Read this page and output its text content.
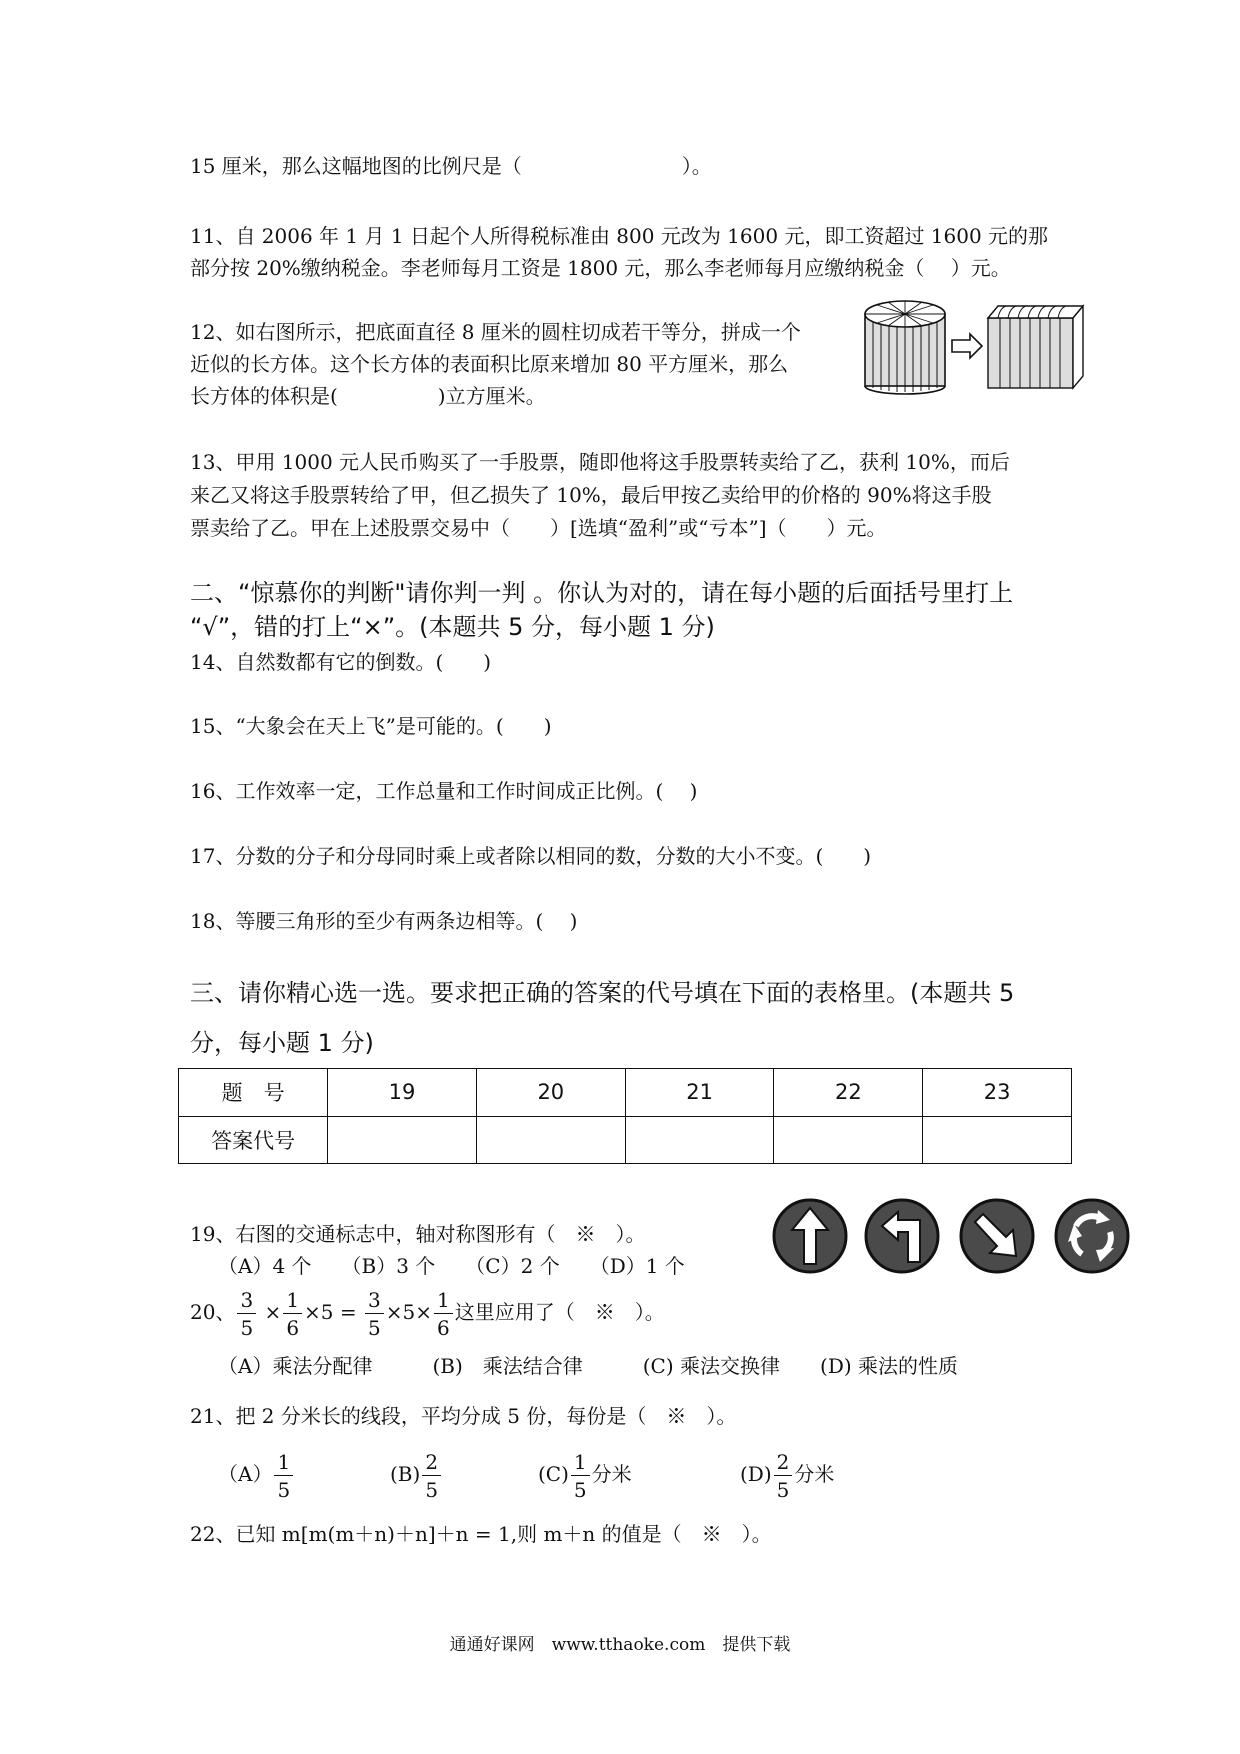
15 厘米，那么这幅地图的比例尺是（　　　　　　　　）。
11、自 2006 年 1 月 1 日起个人所得税标准由 800 元改为 1600 元，即工资超过 1600 元的那
部分按 20%缴纳税金。李老师每月工资是 1800 元，那么李老师每月应缴纳税金（　 ）元。
12、如右图所示，把底面直径 8 厘米的圆柱切成若干等分，拼成一个
近似的长方体。这个长方体的表面积比原来增加 80 平方厘米，那么
长方体的体积是(　　　　　)立方厘米。
13、甲用 1000 元人民币购买了一手股票，随即他将这手股票转卖给了乙，获利 10%，而后
来乙又将这手股票转给了甲，但乙损失了 10%，最后甲按乙卖给甲的价格的 90%将这手股
票卖给了乙。甲在上述股票交易中（　　）[选填“盈利”或“亏本”]（　　）元。
二、“惊慕你的判断"请你判一判 。你认为对的，请在每小题的后面括号里打上
“√”，错的打上“×”。(本题共 5 分，每小题 1 分)
14、自然数都有它的倒数。(　　)
15、“大象会在天上飞”是可能的。(　　)
16、工作效率一定，工作总量和工作时间成正比例。(　 )
17、分数的分子和分母同时乘上或者除以相同的数，分数的大小不变。(　　)
18、等腰三角形的至少有两条边相等。(　 )
三、请你精心选一选。要求把正确的答案的代号填在下面的表格里。(本题共 5
分，每小题 1 分)
题　号	19	20	21	22	23
答案代号					
19、右图的交通标志中，轴对称图形有（　※　）。
（A）4 个　　（B）3 个　　（C）2 个　　（D）1 个
20、 $\frac{3}{5} \times \frac{1}{6} \times 5 = \frac{3}{5} \times 5\times \frac{1}{6}$ 这里应用了（　※　）。
（A）乘法分配律　　　(B)　乘法结合律　　　(C) 乘法交换律　　(D) 乘法的性质
21、把 2 分米长的线段，平均分成 5 份，每份是（　※　）。
$(A) \frac{1}{5}$	$(B) \frac{2}{5}$	$(C) \frac{1}{5}$ 分米	$(D) \frac{2}{5}$ 分米
22、已知 m[m(m＋n)＋n]＋n = 1,则 m＋n 的值是（　※　）。
通通好课网　www.tthaoke.com　提供下载
